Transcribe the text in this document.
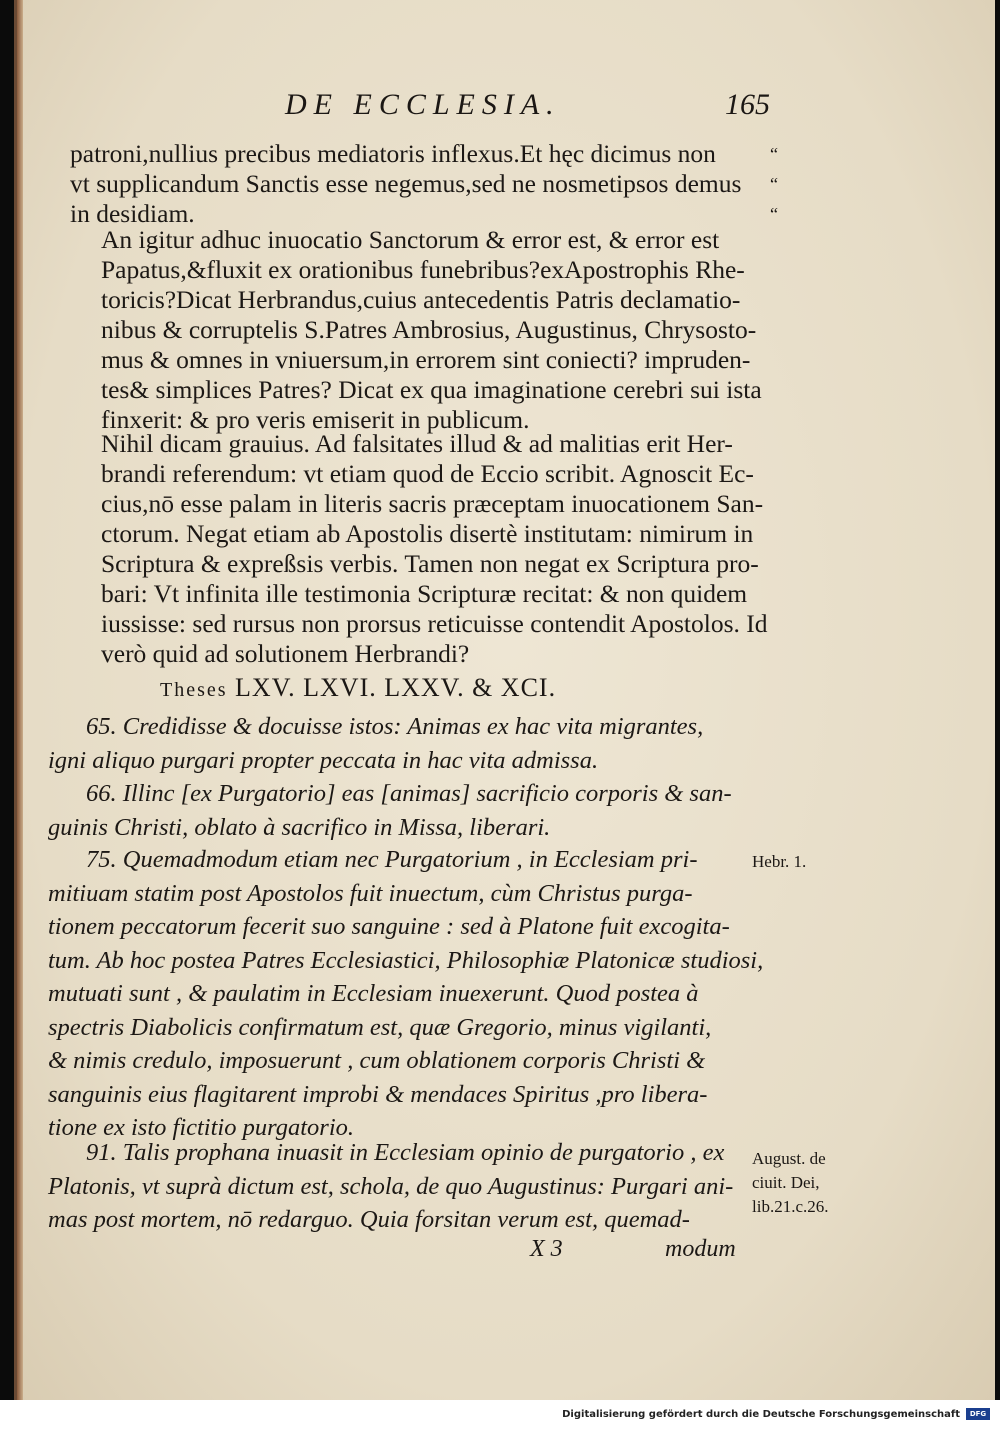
DE ECCLESIA.	165

patroni,nullius precibus mediatoris inflexus.Et hęc dicimus non
vt supplicandum Sanctis esse negemus,sed ne nosmetipsos demus
in desidiam.

“
“
“

An igitur adhuc inuocatio Sanctorum & error est, & error est
Papatus,&fluxit ex orationibus funebribus?exApostrophis Rhe-
toricis?Dicat Herbrandus,cuius antecedentis Patris declamatio-
nibus & corruptelis S.Patres Ambrosius, Augustinus, Chrysosto-
mus & omnes in vniuersum,in errorem sint coniecti? impruden-
tes& simplices Patres? Dicat ex qua imaginatione cerebri sui ista
finxerit: & pro veris emiserit in publicum.

Nihil dicam grauius. Ad falsitates illud & ad malitias erit Her-
brandi referendum: vt etiam quod de Eccio scribit. Agnoscit Ec-
cius,nō esse palam in literis sacris præceptam inuocationem San-
ctorum. Negat etiam ab Apostolis disertè institutam: nimirum in
Scriptura & expreßsis verbis. Tamen non negat ex Scriptura pro-
bari: Vt infinita ille testimonia Scripturæ recitat: & non quidem
iussisse: sed rursus non prorsus reticuisse contendit Apostolos. Id
verò quid ad solutionem Herbrandi?

Theses LXV. LXVI. LXXV. & XCI.
65. Credidisse & docuisse istos: Animas ex hac vita migrantes,
igni aliquo purgari propter peccata in hac vita admissa.
66. Illinc [ex Purgatorio] eas [animas] sacrificio corporis & san-
guinis Christi, oblato à sacrifico in Missa, liberari.
75. Quemadmodum etiam nec Purgatorium , in Ecclesiam pri-
mitiuam statim post Apostolos fuit inuectum, cùm Christus purga-
tionem peccatorum fecerit suo sanguine : sed à Platone fuit excogita-
tum. Ab hoc postea Patres Ecclesiastici, Philosophiæ Platonicæ studiosi,
mutuati sunt , & paulatim in Ecclesiam inuexerunt. Quod postea à
spectris Diabolicis confirmatum est, quæ Gregorio, minus vigilanti,
& nimis credulo, imposuerunt , cum oblationem corporis Christi &
sanguinis eius flagitarent improbi & mendaces Spiritus ,pro libera-
tione ex isto fictitio purgatorio.
Hebr. 1.
91. Talis prophana inuasit in Ecclesiam opinio de purgatorio , ex
Platonis, vt suprà dictum est, schola, de quo Augustinus: Purgari ani-
mas post mortem, nō redarguo. Quia forsitan verum est, quemad-
August. de
ciuit. Dei,
lib.21.c.26.
X 3	modum
Digitalisierung gefördert durch die Deutsche Forschungsgemeinschaft	DFG
